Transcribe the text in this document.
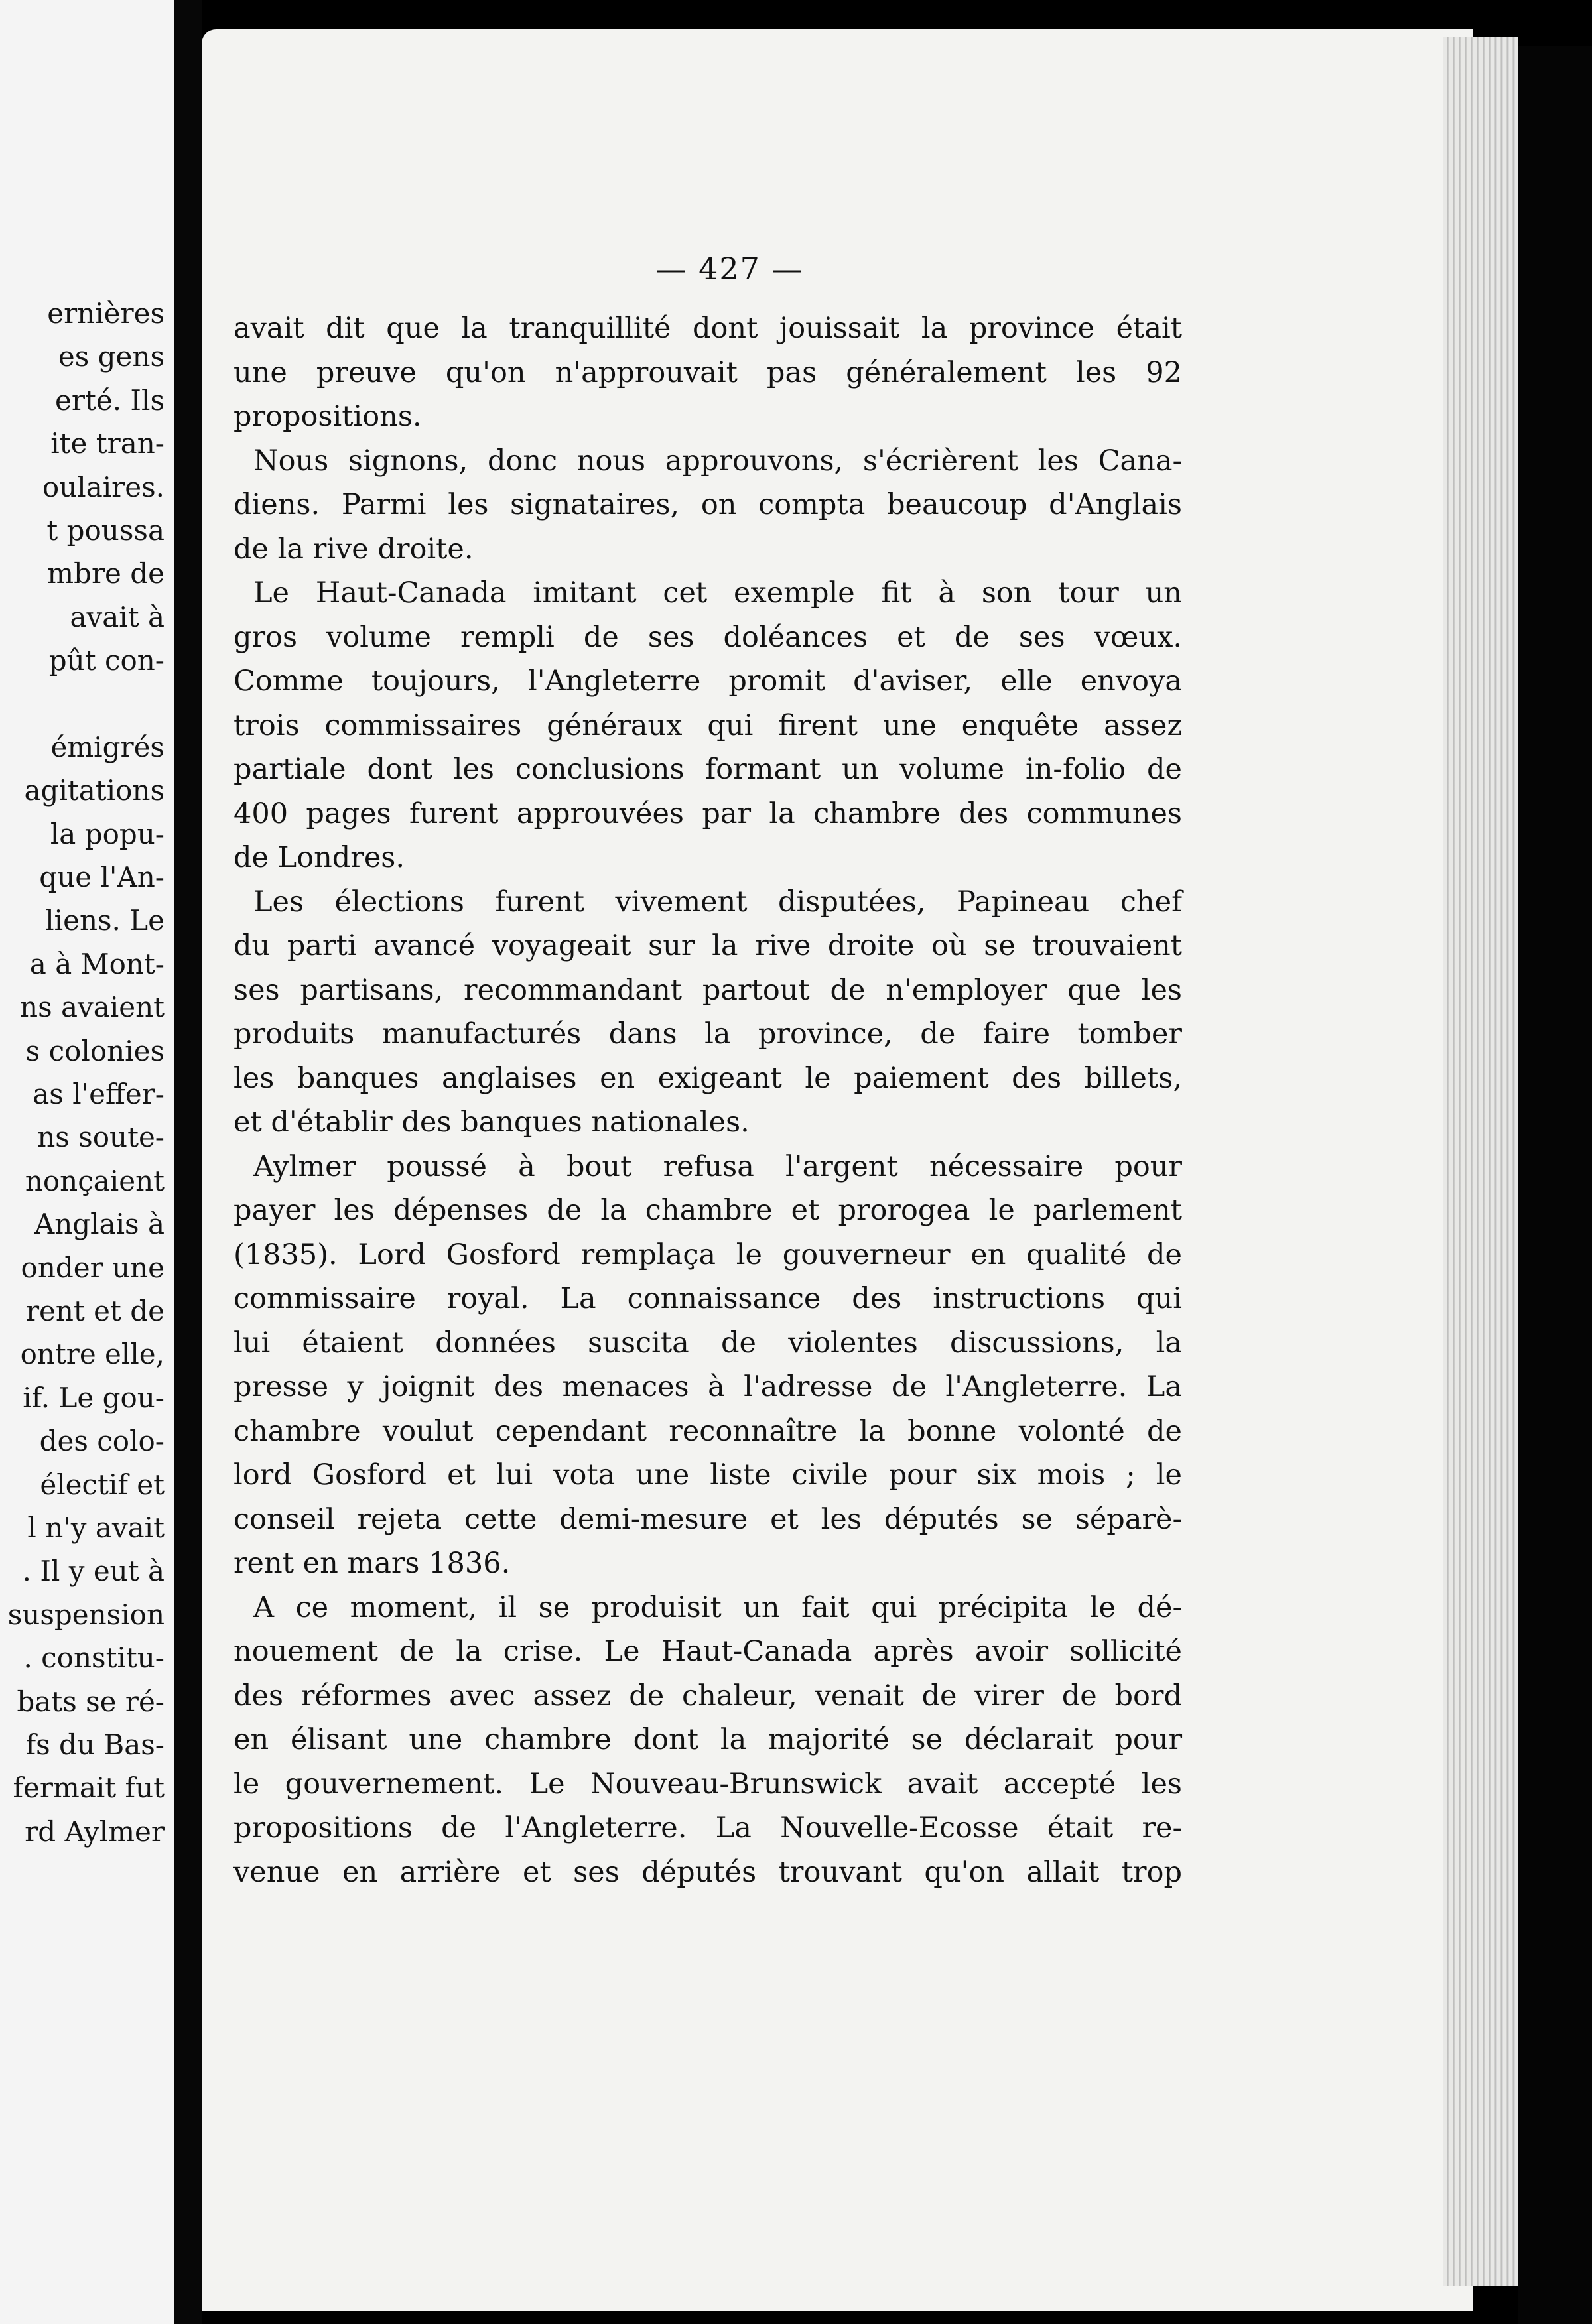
ernières
es gens
erté. Ils
ite tran-
oulaires.
t poussa
mbre de
avait à
pût con-
émigrés
agitations
la popu-
que l'An-
liens. Le
a à Mont-
ns avaient
s colonies
as l'effer-
ns soute-
nonçaient
Anglais à
onder une
rent et de
ontre elle,
if. Le gou-
des colo-
électif et
l n'y avait
. Il y eut à
suspension
. constitu-
bats se ré-
fs du Bas-
fermait fut
rd Aylmer
— 427 —
avait dit que la tranquillité dont jouissait la province était
une preuve qu'on n'approuvait pas généralement les 92
propositions.
Nous signons, donc nous approuvons, s'écrièrent les Cana-
diens. Parmi les signataires, on compta beaucoup d'Anglais
de la rive droite.
Le Haut-Canada imitant cet exemple fit à son tour un
gros volume rempli de ses doléances et de ses vœux.
Comme toujours, l'Angleterre promit d'aviser, elle envoya
trois commissaires généraux qui firent une enquête assez
partiale dont les conclusions formant un volume in-folio de
400 pages furent approuvées par la chambre des communes
de Londres.
Les élections furent vivement disputées, Papineau chef
du parti avancé voyageait sur la rive droite où se trouvaient
ses partisans, recommandant partout de n'employer que les
produits manufacturés dans la province, de faire tomber
les banques anglaises en exigeant le paiement des billets,
et d'établir des banques nationales.
Aylmer poussé à bout refusa l'argent nécessaire pour
payer les dépenses de la chambre et prorogea le parlement
(1835). Lord Gosford remplaça le gouverneur en qualité de
commissaire royal. La connaissance des instructions qui
lui étaient données suscita de violentes discussions, la
presse y joignit des menaces à l'adresse de l'Angleterre. La
chambre voulut cependant reconnaître la bonne volonté de
lord Gosford et lui vota une liste civile pour six mois ; le
conseil rejeta cette demi-mesure et les députés se séparè-
rent en mars 1836.
A ce moment, il se produisit un fait qui précipita le dé-
nouement de la crise. Le Haut-Canada après avoir sollicité
des réformes avec assez de chaleur, venait de virer de bord
en élisant une chambre dont la majorité se déclarait pour
le gouvernement. Le Nouveau-Brunswick avait accepté les
propositions de l'Angleterre. La Nouvelle-Ecosse était re-
venue en arrière et ses députés trouvant qu'on allait trop
